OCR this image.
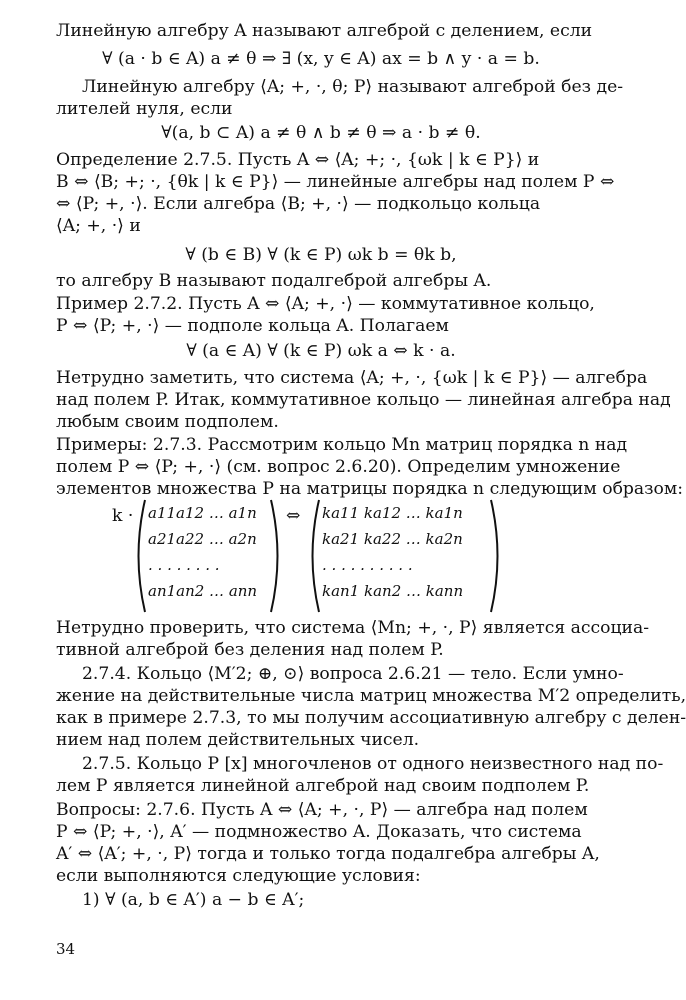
Линейную алгебру A называют алгеброй с делением, если
∀ (a · b ∈ A) a ≠ θ ⇒ ∃ (x, y ∈ A) ax = b ∧ y · a = b.
Линейную алгебру ⟨A; +, ·, θ; P⟩ называют алгеброй без де-
лителей нуля, если
∀(a, b ⊂ A) a ≠ θ ∧ b ≠ θ ⇒ a · b ≠ θ.
Определение 2.7.5. Пусть A ⇔ ⟨A; +; ·, {ωk | k ∈ P}⟩ и
B ⇔ ⟨B; +; ·, {θk | k ∈ P}⟩ — линейные алгебры над полем P ⇔
⇔ ⟨P; +, ·⟩. Если алгебра ⟨B; +, ·⟩ — подкольцо кольца
⟨A; +, ·⟩ и
∀ (b ∈ B) ∀ (k ∈ P) ωk b = θk b,
то алгебру B называют подалгеброй алгебры A.
Пример 2.7.2. Пусть A ⇔ ⟨A; +, ·⟩ — коммутативное кольцо,
P ⇔ ⟨P; +, ·⟩ — подполе кольца A. Полагаем
∀ (a ∈ A) ∀ (k ∈ P) ωk a ⇔ k · a.
Нетрудно заметить, что система ⟨A; +, ·, {ωk | k ∈ P}⟩ — алгебра
над полем P. Итак, коммутативное кольцо — линейная алгебра над
любым своим подполем.
Примеры: 2.7.3. Рассмотрим кольцо Mn матриц порядка n над
полем P ⇔ ⟨P; +, ·⟩ (см. вопрос 2.6.20). Определим умножение
элементов множества P на матрицы порядка n следующим образом:
k · a11a12 … a1n
a21a22 … a2n
. . . . . . . .
an1an2 … ann
⇔	ka11 ka12 … ka1n
ka21 ka22 … ka2n
. . . . . . . . . .
kan1 kan2 … kann
Нетрудно проверить, что система ⟨Mn; +, ·, P⟩ является ассоциа-
тивной алгеброй без деления над полем P.
2.7.4. Кольцо ⟨M′2; ⊕, ⊙⟩ вопроса 2.6.21 — тело. Если умно-
жение на действительные числа матриц множества M′2 определить,
как в примере 2.7.3, то мы получим ассоциативную алгебру с делен-
нием над полем действительных чисел.
2.7.5. Кольцо P [x] многочленов от одного неизвестного над по-
лем P является линейной алгеброй над своим подполем P.
Вопросы: 2.7.6. Пусть A ⇔ ⟨A; +, ·, P⟩ — алгебра над полем
P ⇔ ⟨P; +, ·⟩, A′ — подмножество A. Доказать, что система
A′ ⇔ ⟨A′; +, ·, P⟩ тогда и только тогда подалгебра алгебры A,
если выполняются следующие условия:
1) ∀ (a, b ∈ A′) a − b ∈ A′;
34
